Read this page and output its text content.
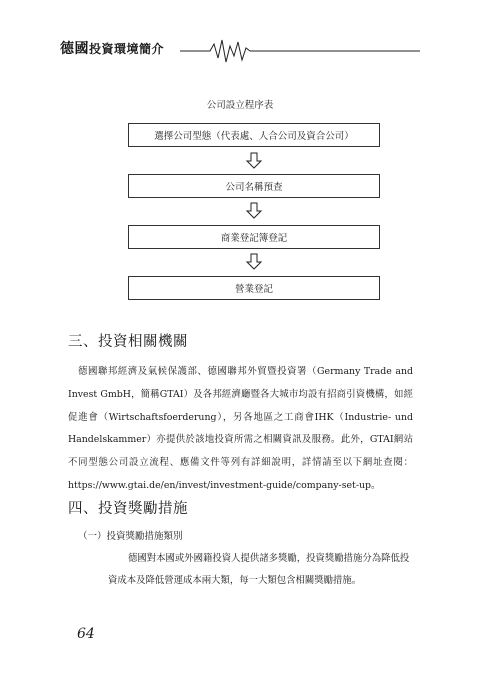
德國投資環境簡介
公司設立程序表
選擇公司型態（代表處、人合公司及資合公司）
公司名稱預查
商業登記簿登記
營業登記
三、投資相關機關
德國聯邦經濟及氣候保護部、德國聯邦外貿暨投資署（Germany Trade and
Invest GmbH，簡稱GTAI）及各邦經濟廳暨各大城市均設有招商引資機構，如經
促進會（Wirtschaftsfoerderung），另各地區之工商會IHK（Industrie- und
Handelskammer）亦提供於該地投資所需之相關資訊及服務。此外，GTAI網站
不同型態公司設立流程、應備文件等列有詳細說明，詳情請至以下網址查閱：
https://www.gtai.de/en/invest/investment-guide/company-set-up。
四、投資獎勵措施
（一）投資獎勵措施類別
德國對本國或外國籍投資人提供諸多獎勵，投資獎勵措施分為降低投
資成本及降低營運成本兩大類，每一大類包含相關獎勵措施。
64
